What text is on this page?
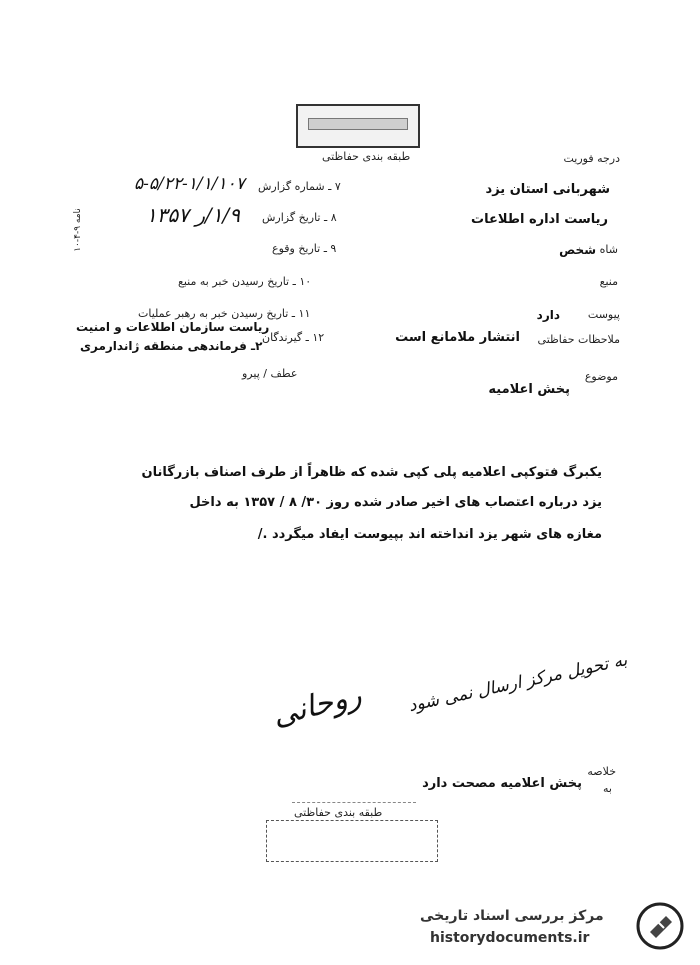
طبقه بندی حفاظتی	درجه فوریت
شهربانی استان یزد
ریاست اداره اطلاعات
شاه
شخص
منبع
پیوست
دارد
ملاحظات حفاظتی
انتشار ملامانع است
موضوع
پخش اعلامیه
عطف / پیرو
۷ ـ شماره گزارش
۵-۵/۲۲-۱/۱/۱۰۷
۸ ـ تاریخ گزارش
۱/۹/ر ۱۳۵۷
۹ ـ تاریخ وقوع
۱۰ ـ تاریخ رسیدن خبر به منبع
۱۱ ـ تاریخ رسیدن خبر به رهبر عملیات
۱۲ ـ گیرندگان
ریاست سازمان اطلاعات و امنیت
۲ـ فرماندهی منطقه ژاندارمری
۱۰-۴-۹ نامه
یکبرگ فتوکپی اعلامیه پلی کپی شده که ظاهراً از طرف اصناف بازرگانان
یزد درباره اعتصاب های اخیر صادر شده روز ۳۰/ ۸ / ۱۳۵۷ به داخل
مغازه های شهر یزد انداخته اند بپیوست ایفاد میگردد ./
به تحویل مرکز ارسال نمی شود
روحانی
خلاصه
به
پخش اعلامیه مصحت دارد
طبقه بندی حفاظتی
مرکز بررسی اسناد تاریخی
historydocuments.ir
